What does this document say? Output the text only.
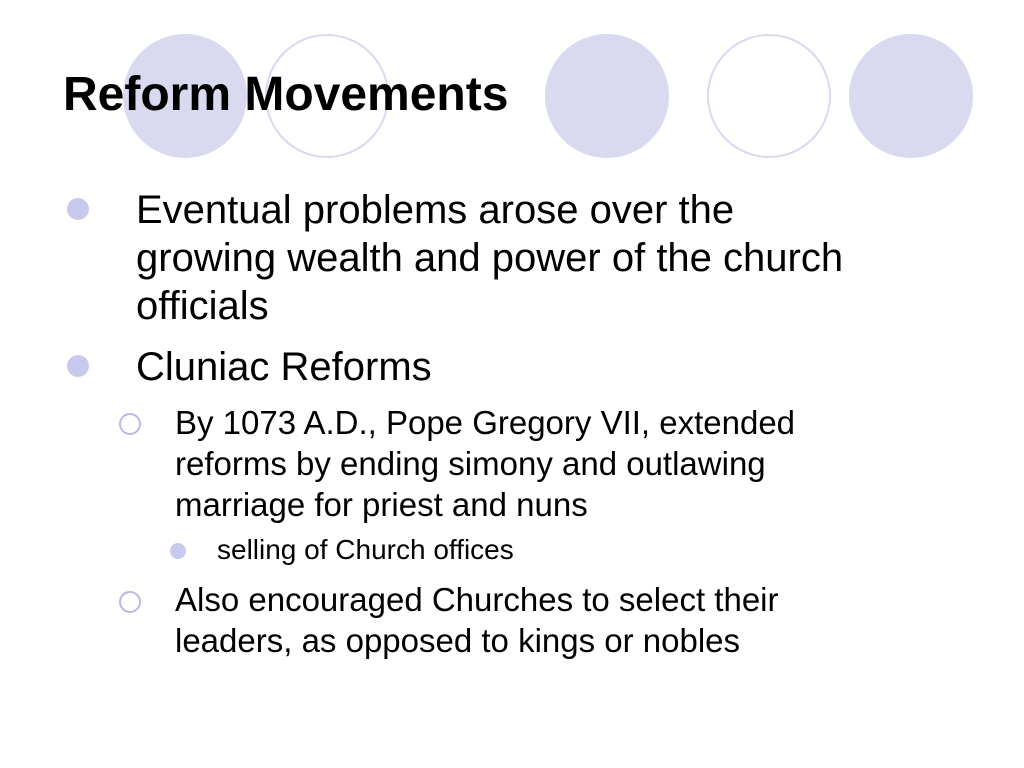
Reform Movements
Eventual problems arose over the
growing wealth and power of the church
officials
Cluniac Reforms
By 1073 A.D., Pope Gregory VII, extended
reforms by ending simony and outlawing
marriage for priest and nuns
selling of Church offices
Also encouraged Churches to select their
leaders, as opposed to kings or nobles
